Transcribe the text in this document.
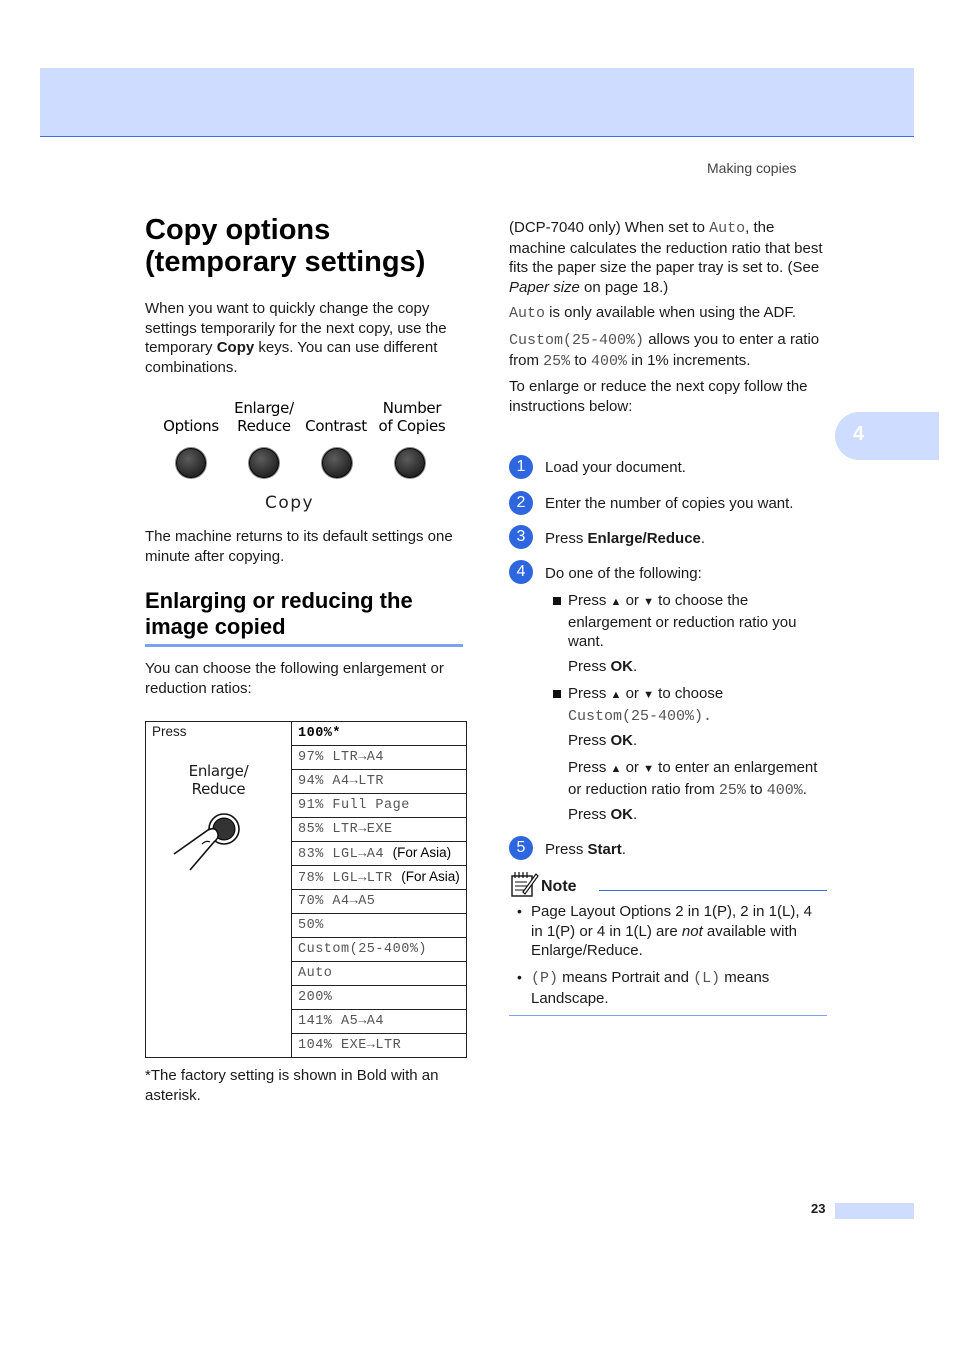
Making copies
4
Copy options
(temporary settings)

When you want to quickly change the copy settings temporarily for the next copy, use the temporary Copy keys. You can use different combinations.

Options
Enlarge/
Reduce Contrast
Number
of Copies
Copy

The machine returns to its default settings one minute after copying.

Enlarging or reducing the
image copied

You can choose the following enlargement or reduction ratios:

Press
Enlarge/
Reduce
	100%*
97% LTR→A4
94% A4→LTR
91% Full Page
85% LTR→EXE
83% LGL→A4 (For Asia)
78% LGL→LTR (For Asia)
70% A4→A5
50%
Custom(25-400%)
Auto
200%
141% A5→A4
104% EXE→LTR

*The factory setting is shown in Bold with an asterisk.

(DCP-7040 only) When set to Auto, the machine calculates the reduction ratio that best fits the paper size the paper tray is set to. (See Paper size on page 18.)

Auto is only available when using the ADF.

Custom(25-400%) allows you to enter a ratio from 25% to 400% in 1% increments.

To enlarge or reduce the next copy follow the instructions below:

1	Load your document.
2	Enter the number of copies you want.
3	Press Enlarge/Reduce.
4	Do one of the following:
Press ▲ or ▼ to choose the enlargement or reduction ratio you want.
Press OK.
Press ▲ or ▼ to choose
Custom(25-400%).
Press OK.
Press ▲ or ▼ to enter an enlargement or reduction ratio from 25% to 400%.
Press OK.
5	Press Start.
Note
• Page Layout Options 2 in 1(P), 2 in 1(L), 4 in 1(P) or 4 in 1(L) are not available with Enlarge/Reduce.
• (P) means Portrait and (L) means Landscape.
23
